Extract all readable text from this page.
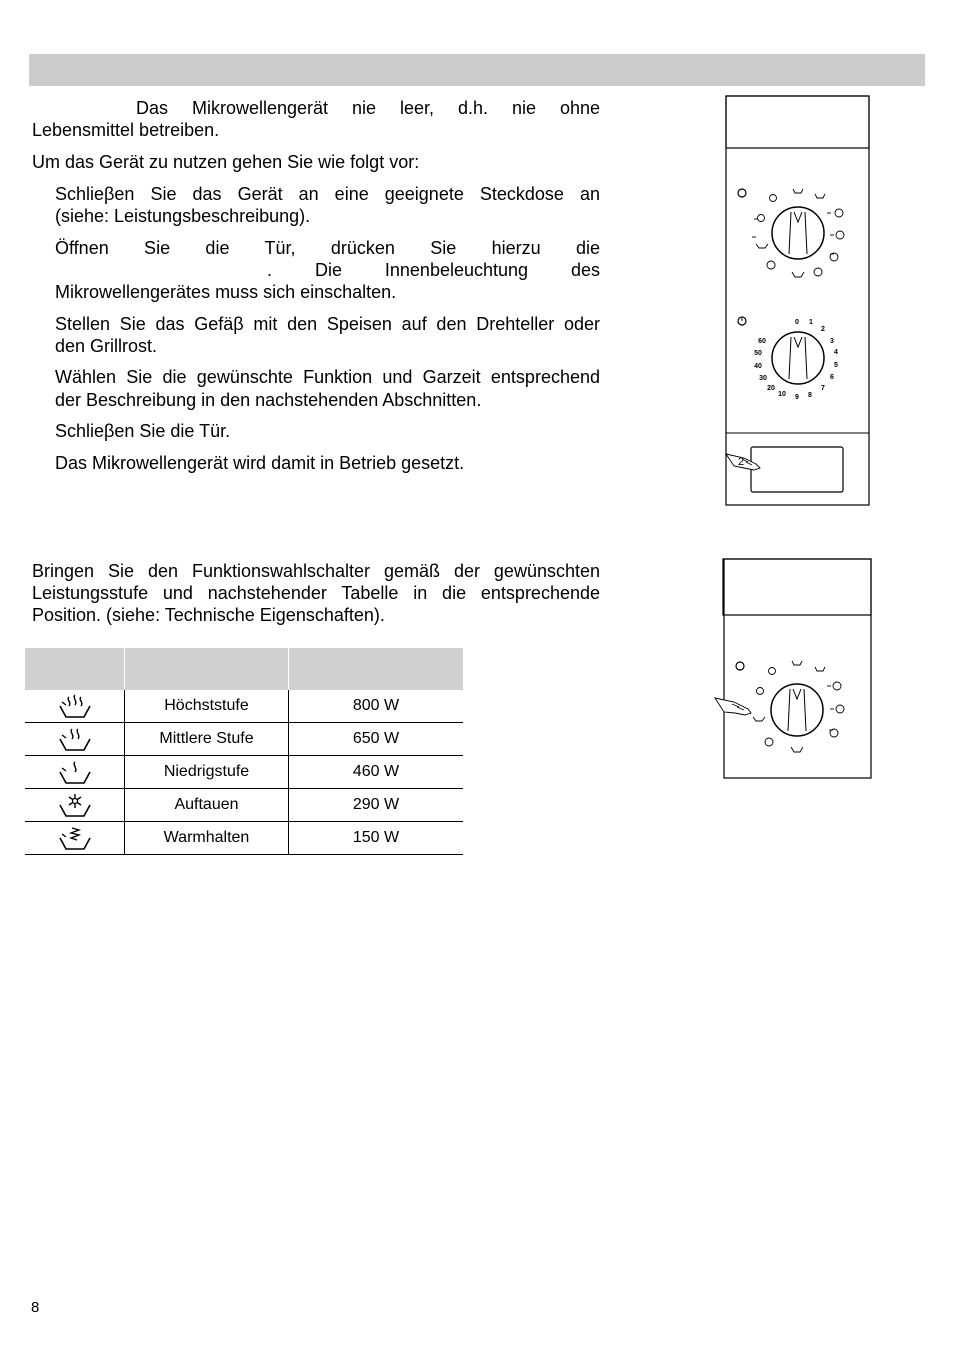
Das Mikrowellengerät nie leer, d.h. nie ohne

Lebensmittel betreiben.

Um das Gerät zu nutzen gehen Sie wie folgt vor:

Schlieβen Sie das Gerät an eine geeignete Steckdose an

(siehe: Leistungsbeschreibung).

Öffnen Sie die Tür, drücken Sie hierzu die

. Die Innenbeleuchtung des

Mikrowellengerätes muss sich einschalten.

Stellen Sie das Gefäβ mit den Speisen auf den Drehteller oder

den Grillrost.

Wählen Sie die gewünschte Funktion und Garzeit entsprechend

der Beschreibung in den nachstehenden Abschnitten.

Schlieβen Sie die Tür.

Das Mikrowellengerät wird damit in Betrieb gesetzt.

Bringen Sie den Funktionswahlschalter gemäß der gewünschten

Leistungsstufe und nachstehender Tabelle in die entsprechende

Position. (siehe: Technische Eigenschaften).

	Höchststufe	800 W

	Mittlere Stufe	650 W

	Niedrigstufe	460 W

	Auftauen	290 W

	Warmhalten	150 W
0 1
2
3
4
5
6
7
8
9
10
20
30
40
50
60
2
8
